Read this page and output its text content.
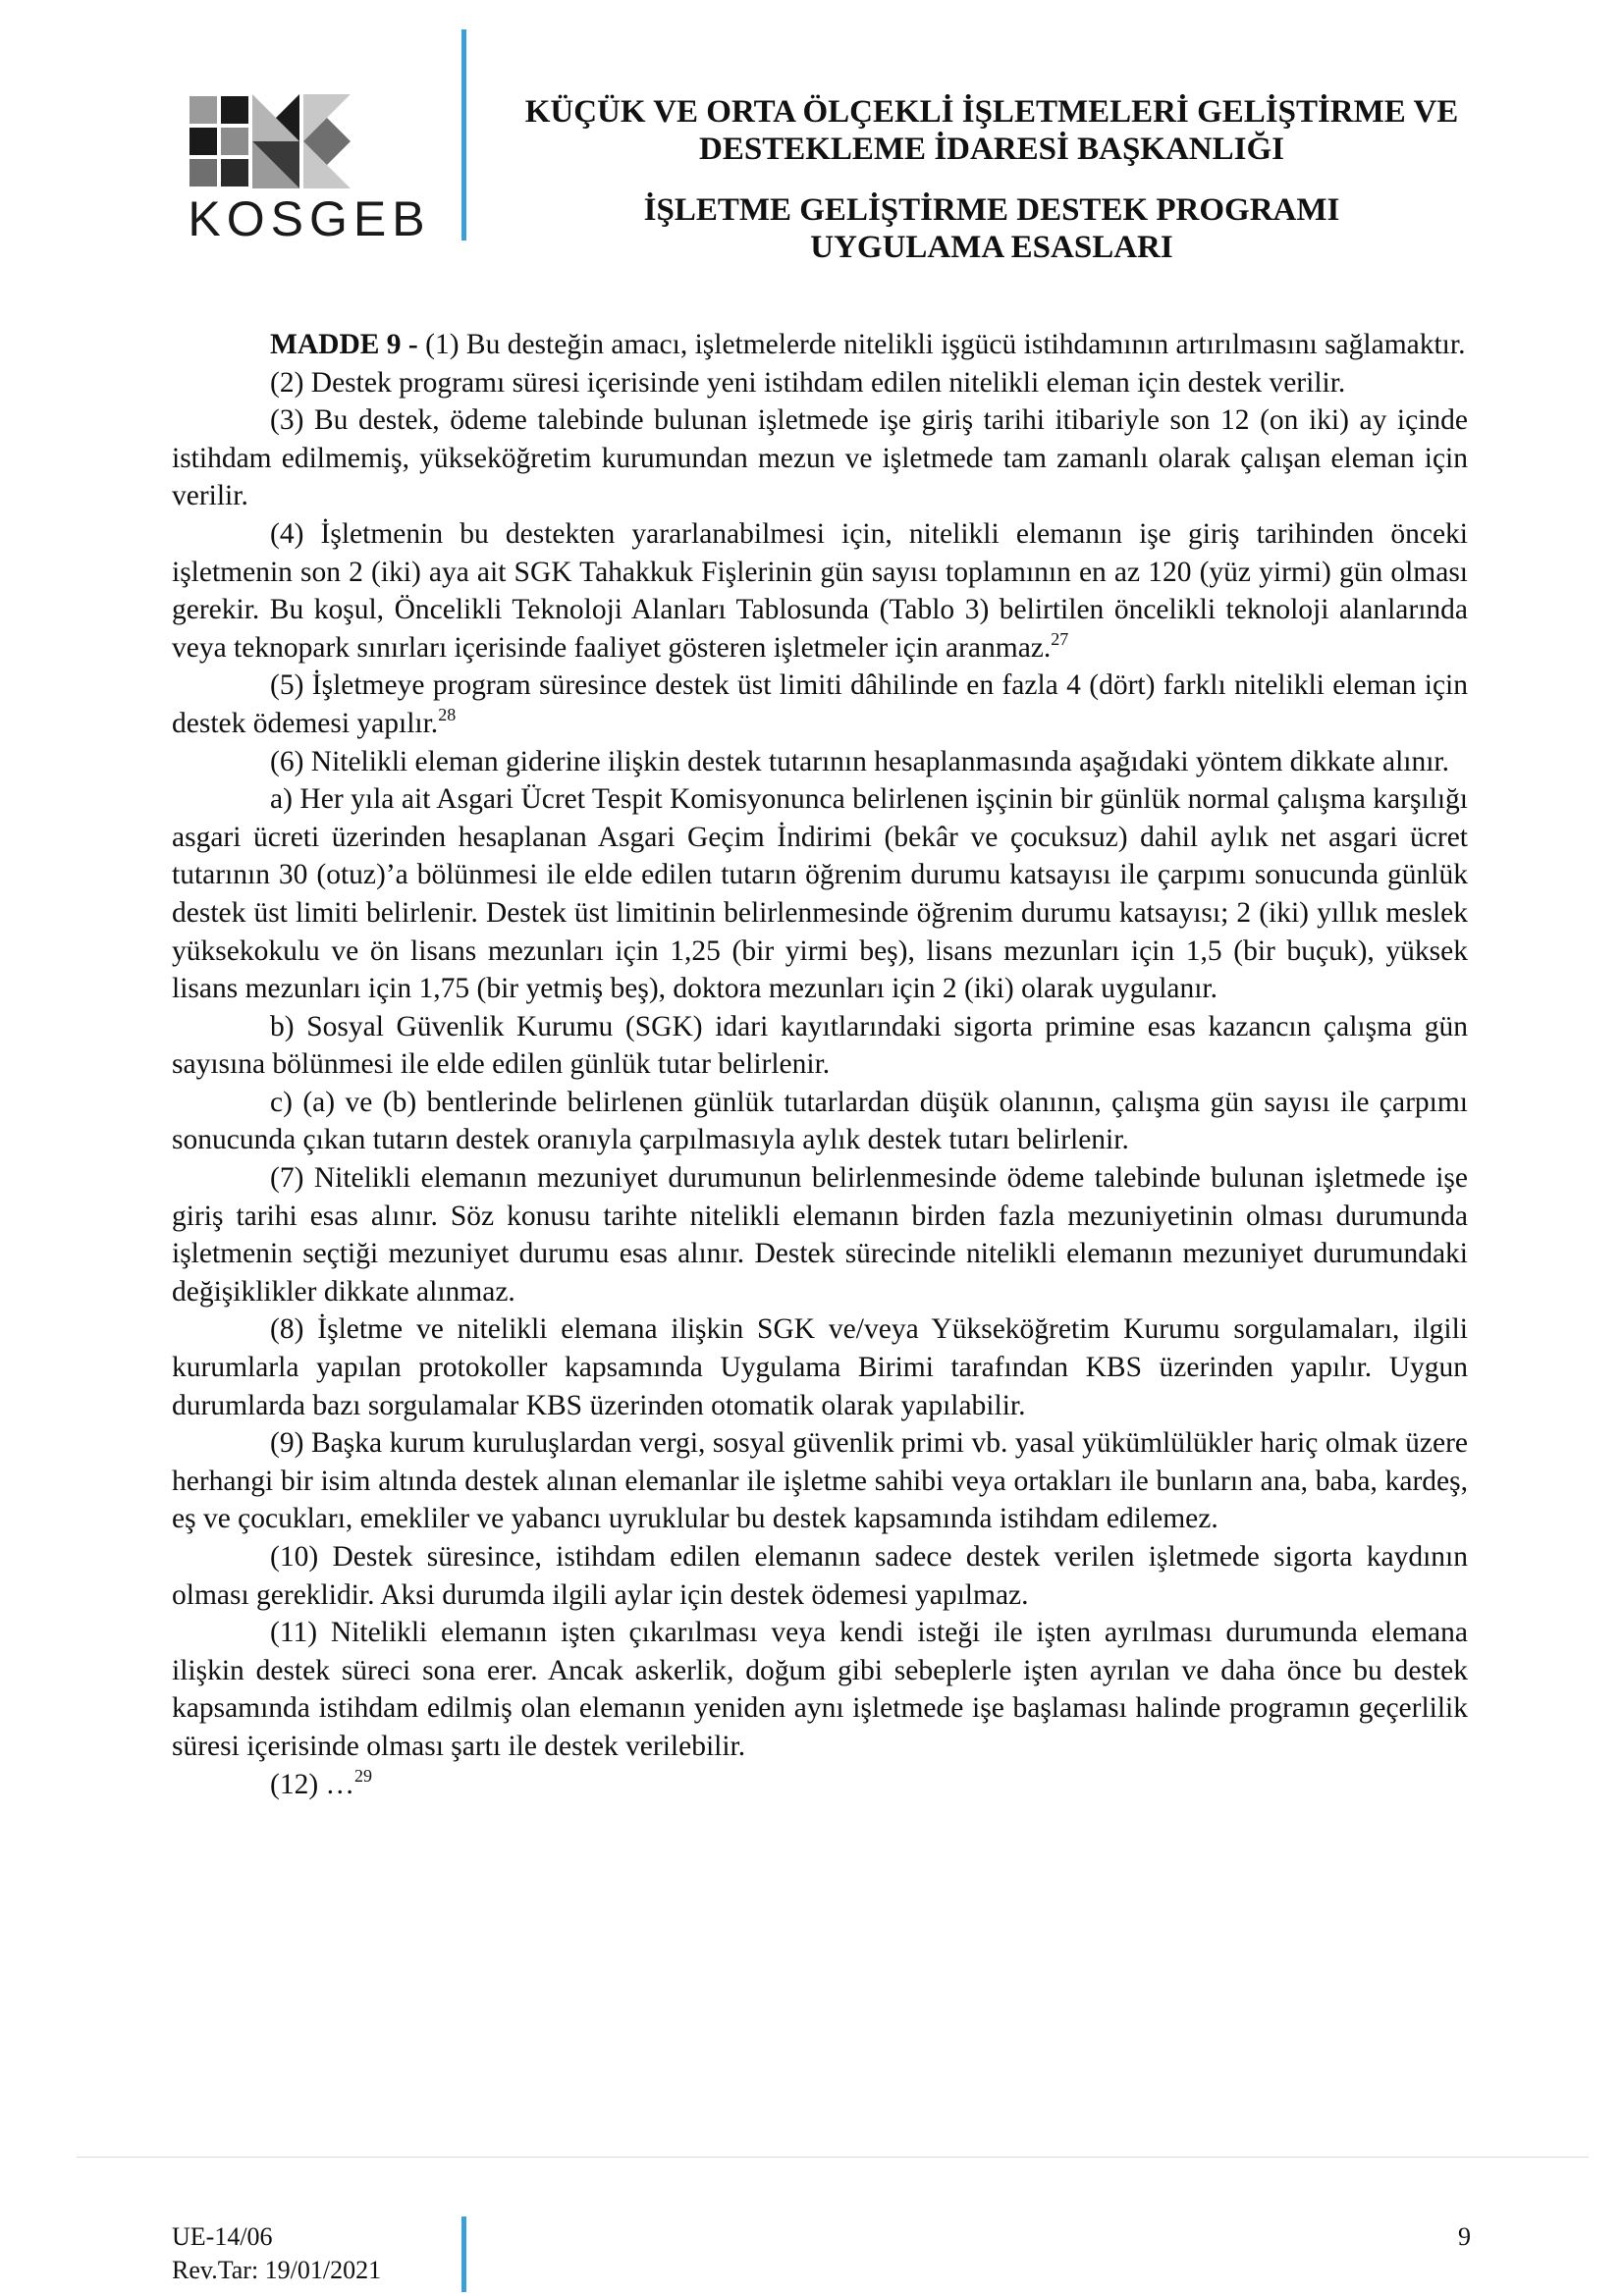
KOSGEB
KÜÇÜK VE ORTA ÖLÇEKLİ İŞLETMELERİ GELİŞTİRME VE
DESTEKLEME İDARESİ BAŞKANLIĞI
İŞLETME GELİŞTİRME DESTEK PROGRAMI
UYGULAMA ESASLARI

MADDE 9 - (1) Bu desteğin amacı, işletmelerde nitelikli işgücü istihdamının artırılmasını sağlamaktır.

(2) Destek programı süresi içerisinde yeni istihdam edilen nitelikli eleman için destek verilir.

(3) Bu destek, ödeme talebinde bulunan işletmede işe giriş tarihi itibariyle son 12 (on iki) ay içinde istihdam edilmemiş, yükseköğretim kurumundan mezun ve işletmede tam zamanlı olarak çalışan eleman için verilir.

(4) İşletmenin bu destekten yararlanabilmesi için, nitelikli elemanın işe giriş tarihinden önceki işletmenin son 2 (iki) aya ait SGK Tahakkuk Fişlerinin gün sayısı toplamının en az 120 (yüz yirmi) gün olması gerekir. Bu koşul, Öncelikli Teknoloji Alanları Tablosunda (Tablo 3) belirtilen öncelikli teknoloji alanlarında veya teknopark sınırları içerisinde faaliyet gösteren işletmeler için aranmaz.$^{27}$

(5) İşletmeye program süresince destek üst limiti dâhilinde en fazla 4 (dört) farklı nitelikli eleman için destek ödemesi yapılır.$^{28}$

(6) Nitelikli eleman giderine ilişkin destek tutarının hesaplanmasında aşağıdaki yöntem dikkate alınır.

a) Her yıla ait Asgari Ücret Tespit Komisyonunca belirlenen işçinin bir günlük normal çalışma karşılığı asgari ücreti üzerinden hesaplanan Asgari Geçim İndirimi (bekâr ve çocuksuz) dahil aylık net asgari ücret tutarının 30 (otuz)’a bölünmesi ile elde edilen tutarın öğrenim durumu katsayısı ile çarpımı sonucunda günlük destek üst limiti belirlenir. Destek üst limitinin belirlenmesinde öğrenim durumu katsayısı; 2 (iki) yıllık meslek yüksekokulu ve ön lisans mezunları için 1,25 (bir yirmi beş), lisans mezunları için 1,5 (bir buçuk), yüksek lisans mezunları için 1,75 (bir yetmiş beş), doktora mezunları için 2 (iki) olarak uygulanır.

b) Sosyal Güvenlik Kurumu (SGK) idari kayıtlarındaki sigorta primine esas kazancın çalışma gün sayısına bölünmesi ile elde edilen günlük tutar belirlenir.

c) (a) ve (b) bentlerinde belirlenen günlük tutarlardan düşük olanının, çalışma gün sayısı ile çarpımı sonucunda çıkan tutarın destek oranıyla çarpılmasıyla aylık destek tutarı belirlenir.

(7) Nitelikli elemanın mezuniyet durumunun belirlenmesinde ödeme talebinde bulunan işletmede işe giriş tarihi esas alınır. Söz konusu tarihte nitelikli elemanın birden fazla mezuniyetinin olması durumunda işletmenin seçtiği mezuniyet durumu esas alınır. Destek sürecinde nitelikli elemanın mezuniyet durumundaki değişiklikler dikkate alınmaz.

(8) İşletme ve nitelikli elemana ilişkin SGK ve/veya Yükseköğretim Kurumu sorgulamaları, ilgili kurumlarla yapılan protokoller kapsamında Uygulama Birimi tarafından KBS üzerinden yapılır. Uygun durumlarda bazı sorgulamalar KBS üzerinden otomatik olarak yapılabilir.

(9) Başka kurum kuruluşlardan vergi, sosyal güvenlik primi vb. yasal yükümlülükler hariç olmak üzere herhangi bir isim altında destek alınan elemanlar ile işletme sahibi veya ortakları ile bunların ana, baba, kardeş, eş ve çocukları, emekliler ve yabancı uyruklular bu destek kapsamında istihdam edilemez.

(10) Destek süresince, istihdam edilen elemanın sadece destek verilen işletmede sigorta kaydının olması gereklidir. Aksi durumda ilgili aylar için destek ödemesi yapılmaz.

(11) Nitelikli elemanın işten çıkarılması veya kendi isteği ile işten ayrılması durumunda elemana ilişkin destek süreci sona erer. Ancak askerlik, doğum gibi sebeplerle işten ayrılan ve daha önce bu destek kapsamında istihdam edilmiş olan elemanın yeniden aynı işletmede işe başlaması halinde programın geçerlilik süresi içerisinde olması şartı ile destek verilebilir.

(12) …$^{29}$

UE-14/06
Rev.Tar: 19/01/2021
9
